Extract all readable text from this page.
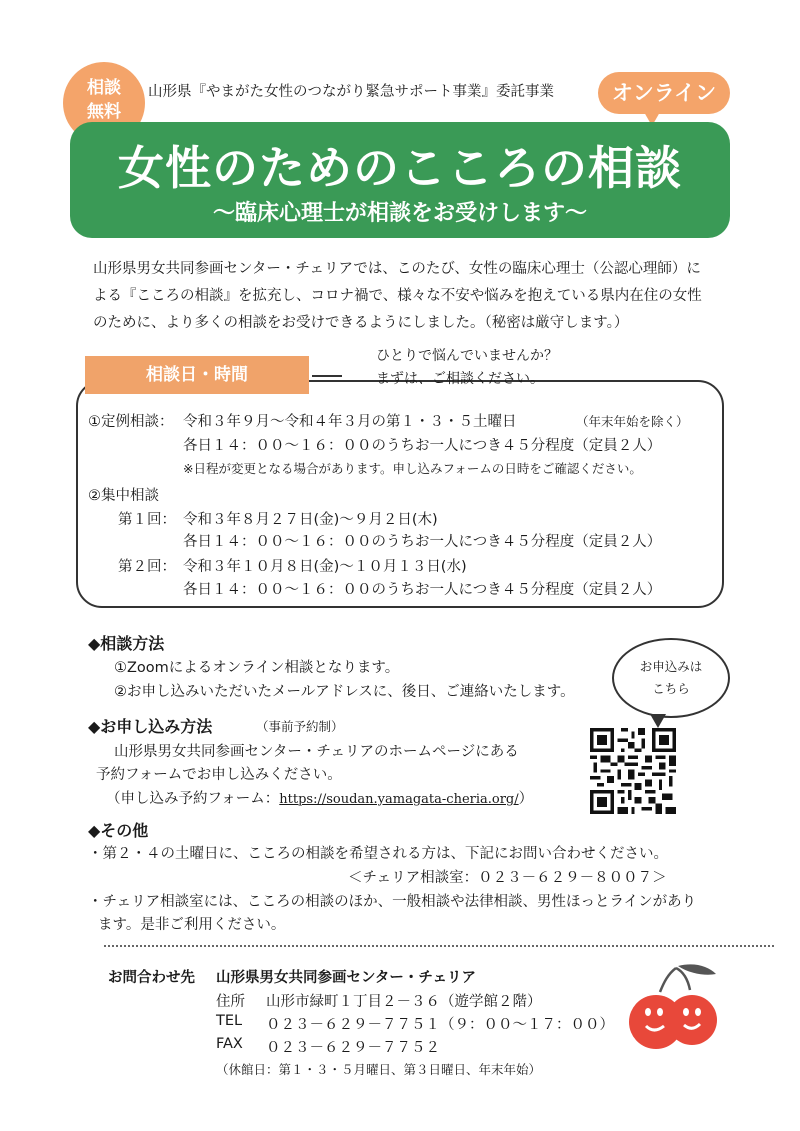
相談
無料
山形県『やまがた女性のつながり緊急サポート事業』委託事業	オンライン
女性のためのこころの相談
～臨床心理士が相談をお受けします～
山形県男女共同参画センター・チェリアでは、このたび、女性の臨床心理士（公認心理師）に
よる『こころの相談』を拡充し、コロナ禍で、様々な不安や悩みを抱えている県内在住の女性
のために、より多くの相談をお受けできるようにしました。（秘密は厳守します。）
相談日・時間
ひとりで悩んでいませんか？
まずは、ご相談ください。
①定例相談： 令和３年９月～令和４年３月の第１・３・５土曜日	（年末年始を除く）
各日１４：００～１６：００のうちお一人につき４５分程度（定員２人）
※日程が変更となる場合があります。申し込みフォームの日時をご確認ください。
②集中相談
第１回： 令和３年８月２７日(金)～９月２日(木)
各日１４：００～１６：００のうちお一人につき４５分程度（定員２人）
第２回： 令和３年１０月８日(金)～１０月１３日(水)
各日１４：００～１６：００のうちお一人につき４５分程度（定員２人）
◆相談方法
①Zoomによるオンライン相談となります。
②お申し込みいただいたメールアドレスに、後日、ご連絡いたします。
お申込みは
こちら
◆お申し込み方法	（事前予約制）
山形県男女共同参画センター・チェリアのホームページにある
予約フォームでお申し込みください。
（申し込み予約フォーム：https://soudan.yamagata-cheria.org/）
◆その他
・第２・４の土曜日に、こころの相談を希望される方は、下記にお問い合わせください。
＜チェリア相談室：０２３－６２９－８００７＞
・チェリア相談室には、こころの相談のほか、一般相談や法律相談、男性ほっとラインがあり
ます。是非ご利用ください。
お問合わせ先 山形県男女共同参画センター・チェリア
住所 山形市緑町１丁目２－３６（遊学館２階）
TEL ０２３－６２９－７７５１（９：００～１７：００）
FAX ０２３－６２９－７７５２
（休館日：第１・３・５月曜日、第３日曜日、年末年始）
